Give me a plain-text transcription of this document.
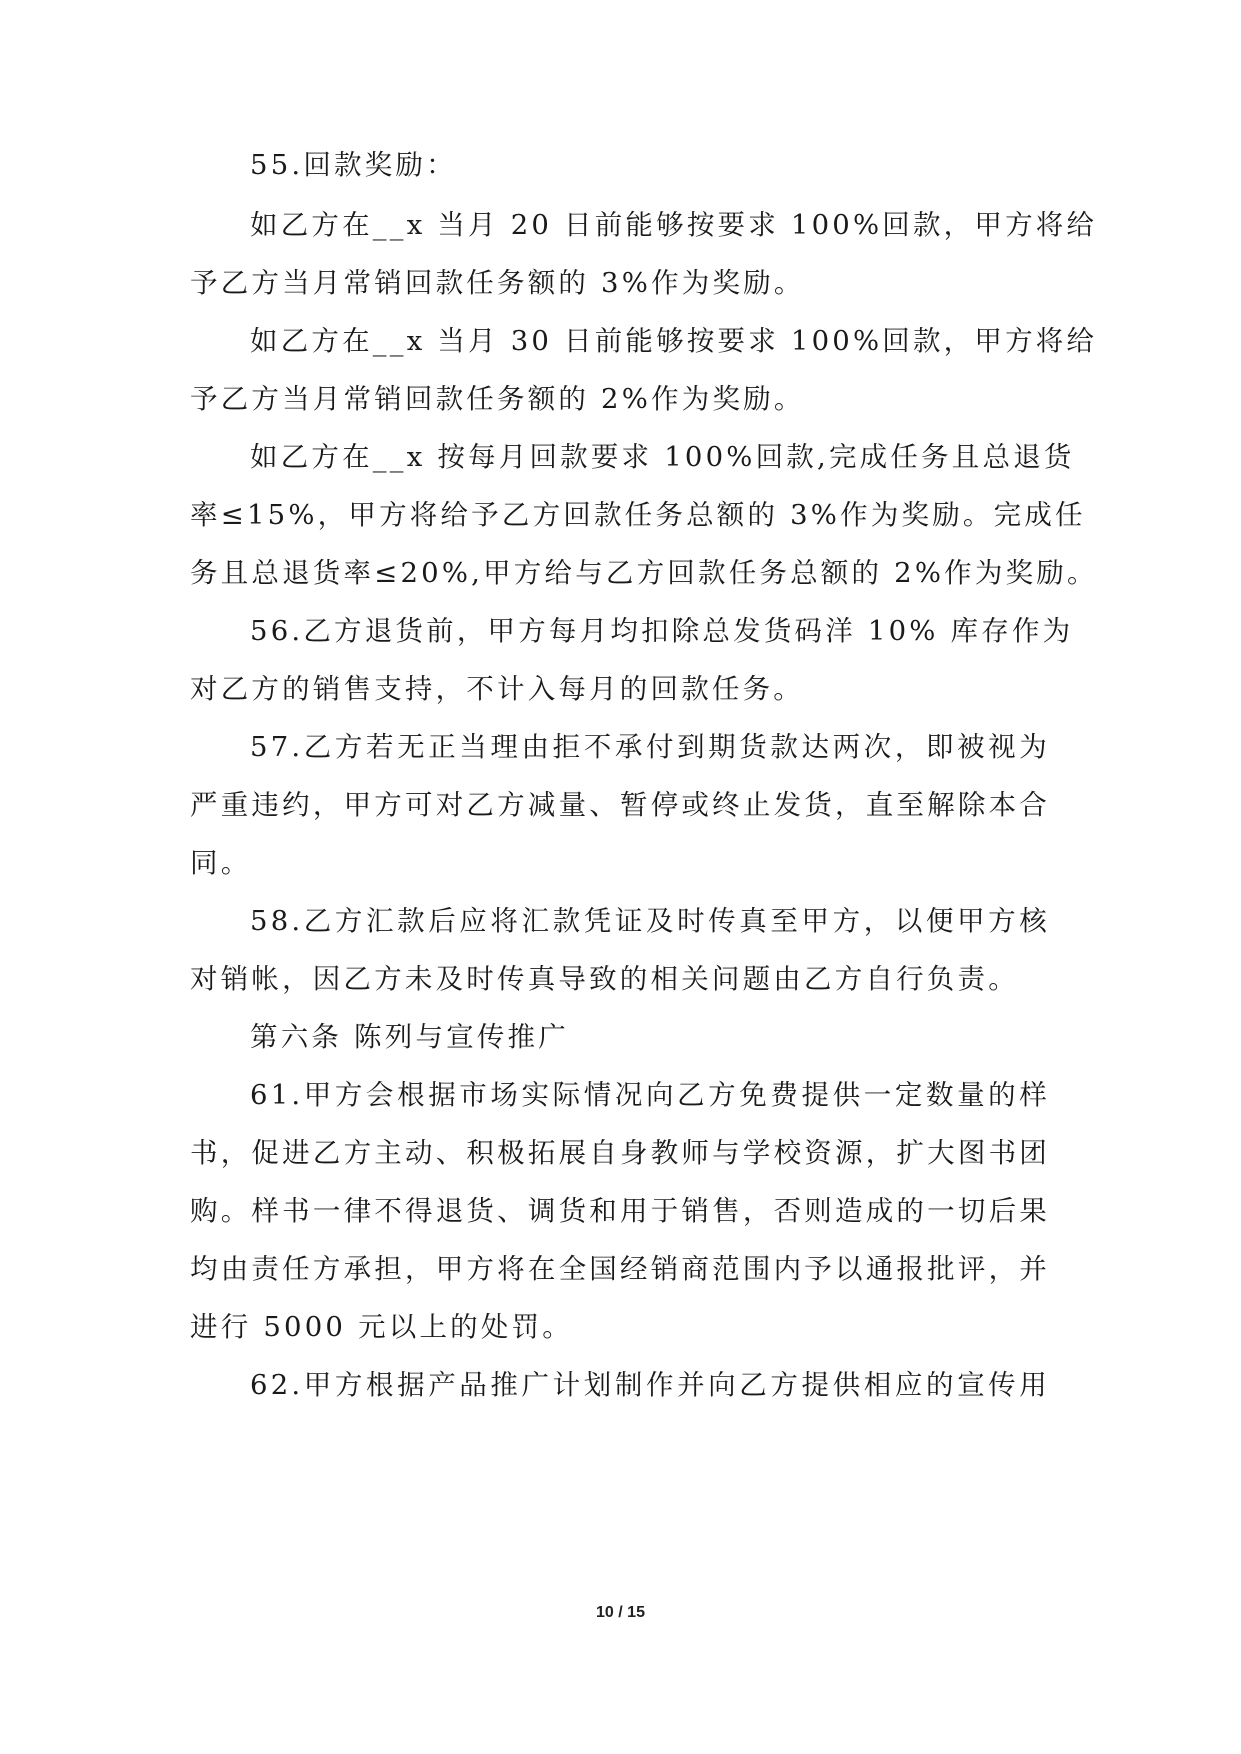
55.回款奖励：
如乙方在__x 当月 20 日前能够按要求 100%回款，甲方将给
予乙方当月常销回款任务额的 3%作为奖励。
如乙方在__x 当月 30 日前能够按要求 100%回款，甲方将给
予乙方当月常销回款任务额的 2%作为奖励。
如乙方在__x 按每月回款要求 100%回款,完成任务且总退货
率≤15%，甲方将给予乙方回款任务总额的 3%作为奖励。完成任
务且总退货率≤20%,甲方给与乙方回款任务总额的 2%作为奖励。
56.乙方退货前，甲方每月均扣除总发货码洋 10% 库存作为
对乙方的销售支持，不计入每月的回款任务。
57.乙方若无正当理由拒不承付到期货款达两次，即被视为
严重违约，甲方可对乙方减量、暂停或终止发货，直至解除本合
同。
58.乙方汇款后应将汇款凭证及时传真至甲方，以便甲方核
对销帐，因乙方未及时传真导致的相关问题由乙方自行负责。
第六条 陈列与宣传推广
61.甲方会根据市场实际情况向乙方免费提供一定数量的样
书，促进乙方主动、积极拓展自身教师与学校资源，扩大图书团
购。样书一律不得退货、调货和用于销售，否则造成的一切后果
均由责任方承担，甲方将在全国经销商范围内予以通报批评，并
进行 5000 元以上的处罚。
62.甲方根据产品推广计划制作并向乙方提供相应的宣传用
10 / 15
